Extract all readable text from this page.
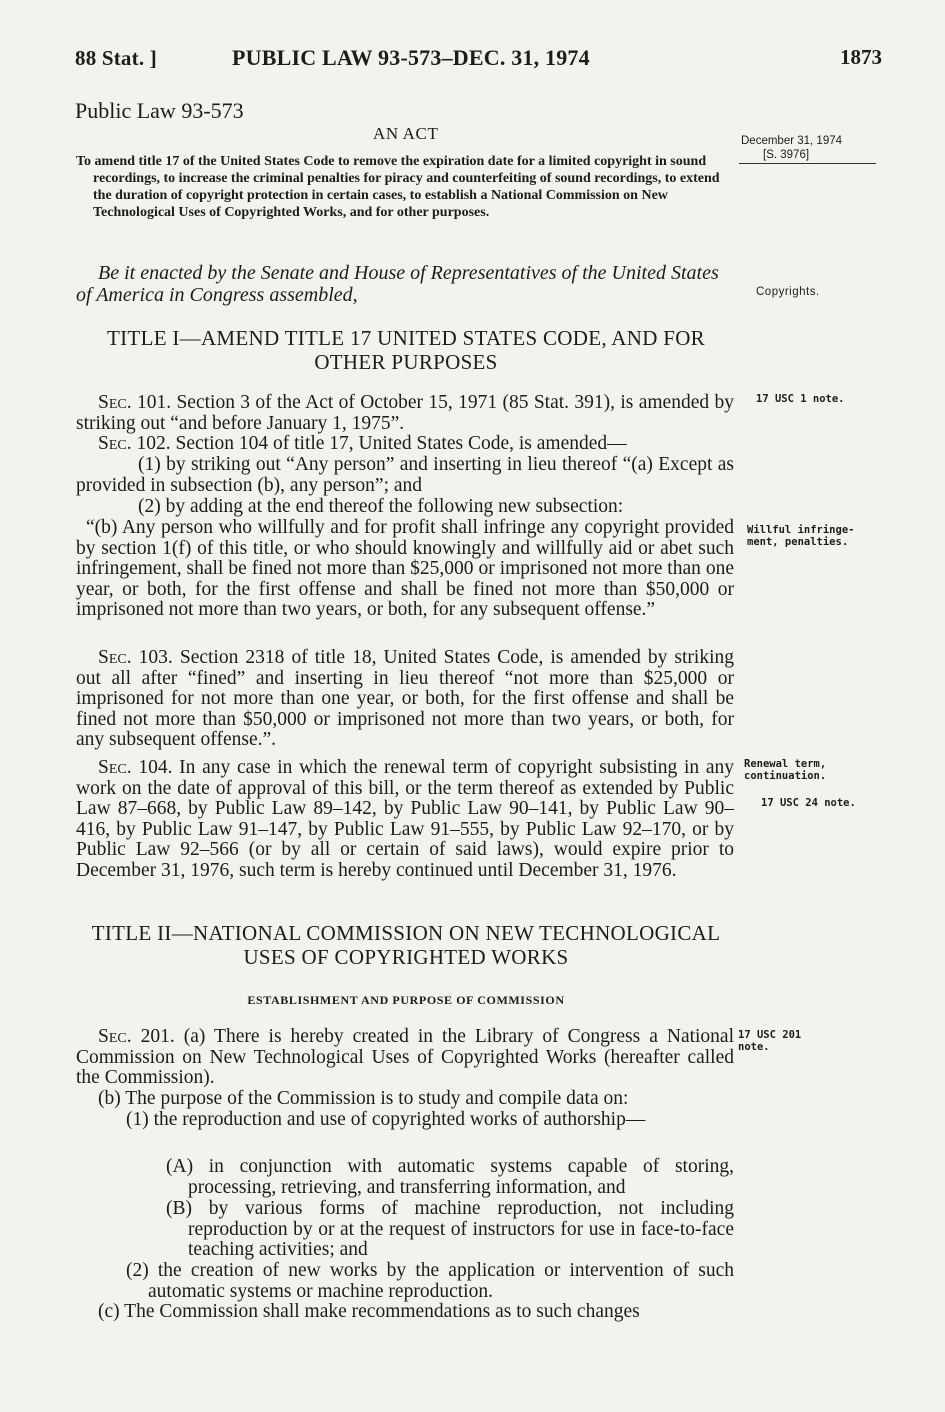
88 Stat. ]	PUBLIC LAW 93-573–DEC. 31, 1974	1873
Public Law 93-573
AN ACT
To amend title 17 of the United States Code to remove the expiration date for a limited copyright in sound recordings, to increase the criminal penalties for piracy and counterfeiting of sound recordings, to extend the duration of copyright protection in certain cases, to establish a National Commission on New Technological Uses of Copyrighted Works, and for other purposes.
Be it enacted by the Senate and House of Representatives of the United States of America in Congress assembled,
TITLE I—AMEND TITLE 17 UNITED STATES CODE, AND FOR OTHER PURPOSES
Sec. 101. Section 3 of the Act of October 15, 1971 (85 Stat. 391), is amended by striking out “and before January 1, 1975”.
Sec. 102. Section 104 of title 17, United States Code, is amended—
(1) by striking out “Any person” and inserting in lieu thereof “(a) Except as provided in subsection (b), any person”; and
(2) by adding at the end thereof the following new subsection:
“(b) Any person who willfully and for profit shall infringe any copyright provided by section 1(f) of this title, or who should knowingly and willfully aid or abet such infringement, shall be fined not more than $25,000 or imprisoned not more than one year, or both, for the first offense and shall be fined not more than $50,000 or imprisoned not more than two years, or both, for any subsequent offense.”
Sec. 103. Section 2318 of title 18, United States Code, is amended by striking out all after “fined” and inserting in lieu thereof “not more than $25,000 or imprisoned for not more than one year, or both, for the first offense and shall be fined not more than $50,000 or imprisoned not more than two years, or both, for any subsequent offense.”.
Sec. 104. In any case in which the renewal term of copyright subsisting in any work on the date of approval of this bill, or the term thereof as extended by Public Law 87–668, by Public Law 89–142, by Public Law 90–141, by Public Law 90–416, by Public Law 91–147, by Public Law 91–555, by Public Law 92–170, or by Public Law 92–566 (or by all or certain of said laws), would expire prior to December 31, 1976, such term is hereby continued until December 31, 1976.
TITLE II—NATIONAL COMMISSION ON NEW TECHNOLOGICAL USES OF COPYRIGHTED WORKS
ESTABLISHMENT AND PURPOSE OF COMMISSION
Sec. 201. (a) There is hereby created in the Library of Congress a National Commission on New Technological Uses of Copyrighted Works (hereafter called the Commission).
(b) The purpose of the Commission is to study and compile data on:
(1) the reproduction and use of copyrighted works of authorship—
(A) in conjunction with automatic systems capable of storing, processing, retrieving, and transferring information, and
(B) by various forms of machine reproduction, not including reproduction by or at the request of instructors for use in face-to-face teaching activities; and
(2) the creation of new works by the application or intervention of such automatic systems or machine reproduction.
(c) The Commission shall make recommendations as to such changes
December 31, 1974
[S. 3976]
Copyrights.
17 USC 1 note.
Willful infringe-
ment, penalties.
Renewal term,
continuation.
17 USC 24 note.
17 USC 201
note.
